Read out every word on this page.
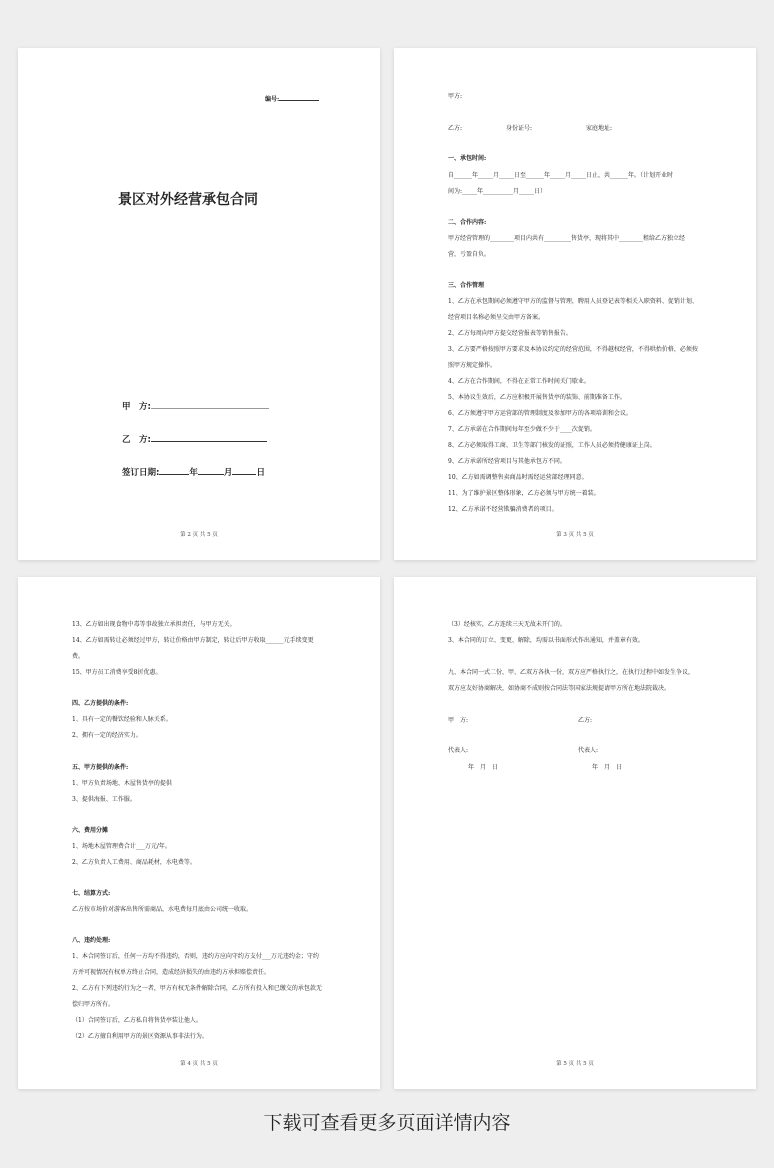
编号:
景区对外经营承包合同
甲　方:
乙　方:
签订日期:	年	月	日
第 2 页 共 5 页
甲方:
乙方:	身份证号:	家庭地址:
一、承包时间:
自______年_____月_____日至______年_____月_____日止，共______年。（计划开业时
间为:_____年__________月_____日）
二、合作内容:
甲方经营管理的________项目内共有_________售货亭，现将其中________租给乙方独立经
营，亏盈自负。
三、合作管理
1、乙方在承包期间必须遵守甲方的监督与管理，聘用人员登记表等相关入职资料、促销计划、
经营项目名称必须呈交由甲方备案。
2、乙方每周向甲方提交经营报表等销售报告。
3、乙方要严格按照甲方要求及本协议约定的经营范围，不得越权经营，不得哄抬价格，必须按
照甲方规定操作。
4、乙方在合作期间，不得在正常工作时间关门歇业。
5、本协议生效后，乙方应积极开展售货亭的装饰、前期准备工作。
6、乙方须遵守甲方运营部的管理制度及参加甲方的各项培训和会议。
7、乙方承诺在合作期间每年至少做不少于____次促销。
8、乙方必须取得工商、卫生等部门核发的证照，工作人员必须持健康证上岗。
9、乙方承诺所经营项目与其他承包方不同。
10、乙方如需调整售卖商品时需经运营部经理同意。
11、为了维护景区整体形象，乙方必须与甲方统一着装。
12、乙方承诺不经营欺骗消费者的项目。
第 3 页 共 5 页
13、乙方如出现食物中毒等事故独立承担责任，与甲方无关。
14、乙方如需转让必须经过甲方，转让价格由甲方制定，转让后甲方收取______元手续变更
费。
15、甲方员工消费享受8折优惠。
四、乙方提供的条件:
1、具有一定的餐饮经验和人脉关系。
2、拥有一定的经济实力。
五、甲方提供的条件:
1、甲方负责场地、木屋售货亭的提供
3、提供海报、工作服。
六、费用分摊
1、场地木屋管理费合计___万元/年。
2、乙方负责人工费用、商品耗材，水电费等。
七、结算方式:
乙方按市场价对游客出售所需商品，水电费每月底由公司统一收取。
八、违约处理:
1、本合同签订后，任何一方均不得违约，否则，违约方应向守约方支付___万元违约金；守约
方并可视情况有权单方终止合同，造成经济损失的由违约方承担赔偿责任。
2、乙方有下列违约行为之一者，甲方有权无条件解除合同，乙方所有投入和已缴交的承包款无
偿归甲方所有。
（1）合同签订后，乙方私自将售货亭装让他人。
（2）乙方擅自利用甲方的景区资源从事非法行为。
第 4 页 共 5 页
（3）经核实，乙方连续三天无故未开门的。
3、本合同的订立、变更、解除，均需以书面形式作出通知，并盖章有效。
九、本合同一式二份，甲、乙双方各执一份，双方应严格执行之，在执行过程中如发生争议，
双方应友好协商解决，如协商不成则按合同法等国家法规提请甲方所在地法院裁决。
甲　方:	乙方:
代表人:	代表人:
年　月　日	年　月　日
第 5 页 共 5 页
下载可查看更多页面详情内容
